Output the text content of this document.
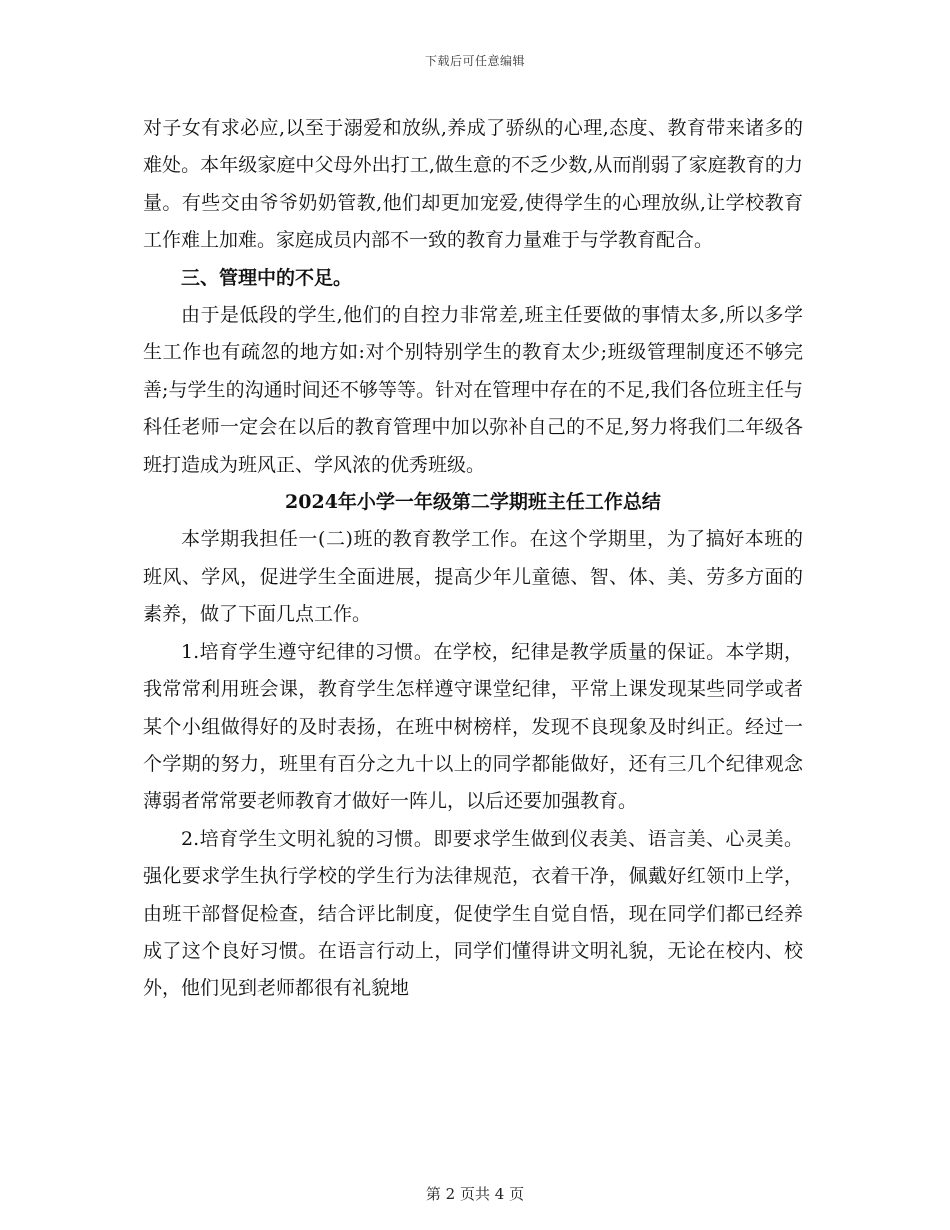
下载后可任意编辑

对子女有求必应,以至于溺爱和放纵,养成了骄纵的心理,态度、教育带来诸多的难处。本年级家庭中父母外出打工,做生意的不乏少数,从而削弱了家庭教育的力量。有些交由爷爷奶奶管教,他们却更加宠爱,使得学生的心理放纵,让学校教育工作难上加难。家庭成员内部不一致的教育力量难于与学教育配合。

三、管理中的不足。

由于是低段的学生,他们的自控力非常差,班主任要做的事情太多,所以多学生工作也有疏忽的地方如:对个别特别学生的教育太少;班级管理制度还不够完善;与学生的沟通时间还不够等等。针对在管理中存在的不足,我们各位班主任与科任老师一定会在以后的教育管理中加以弥补自己的不足,努力将我们二年级各班打造成为班风正、学风浓的优秀班级。

2024年小学一年级第二学期班主任工作总结

本学期我担任一(二)班的教育教学工作。在这个学期里，为了搞好本班的班风、学风，促进学生全面进展，提高少年儿童德、智、体、美、劳多方面的素养，做了下面几点工作。

1.培育学生遵守纪律的习惯。在学校，纪律是教学质量的保证。本学期，我常常利用班会课，教育学生怎样遵守课堂纪律，平常上课发现某些同学或者某个小组做得好的及时表扬，在班中树榜样，发现不良现象及时纠正。经过一个学期的努力，班里有百分之九十以上的同学都能做好，还有三几个纪律观念薄弱者常常要老师教育才做好一阵儿，以后还要加强教育。

2.培育学生文明礼貌的习惯。即要求学生做到仪表美、语言美、心灵美。强化要求学生执行学校的学生行为法律规范，衣着干净，佩戴好红领巾上学，由班干部督促检查，结合评比制度，促使学生自觉自悟，现在同学们都已经养成了这个良好习惯。在语言行动上，同学们懂得讲文明礼貌，无论在校内、校外，他们见到老师都很有礼貌地

第 2 页共 4 页
